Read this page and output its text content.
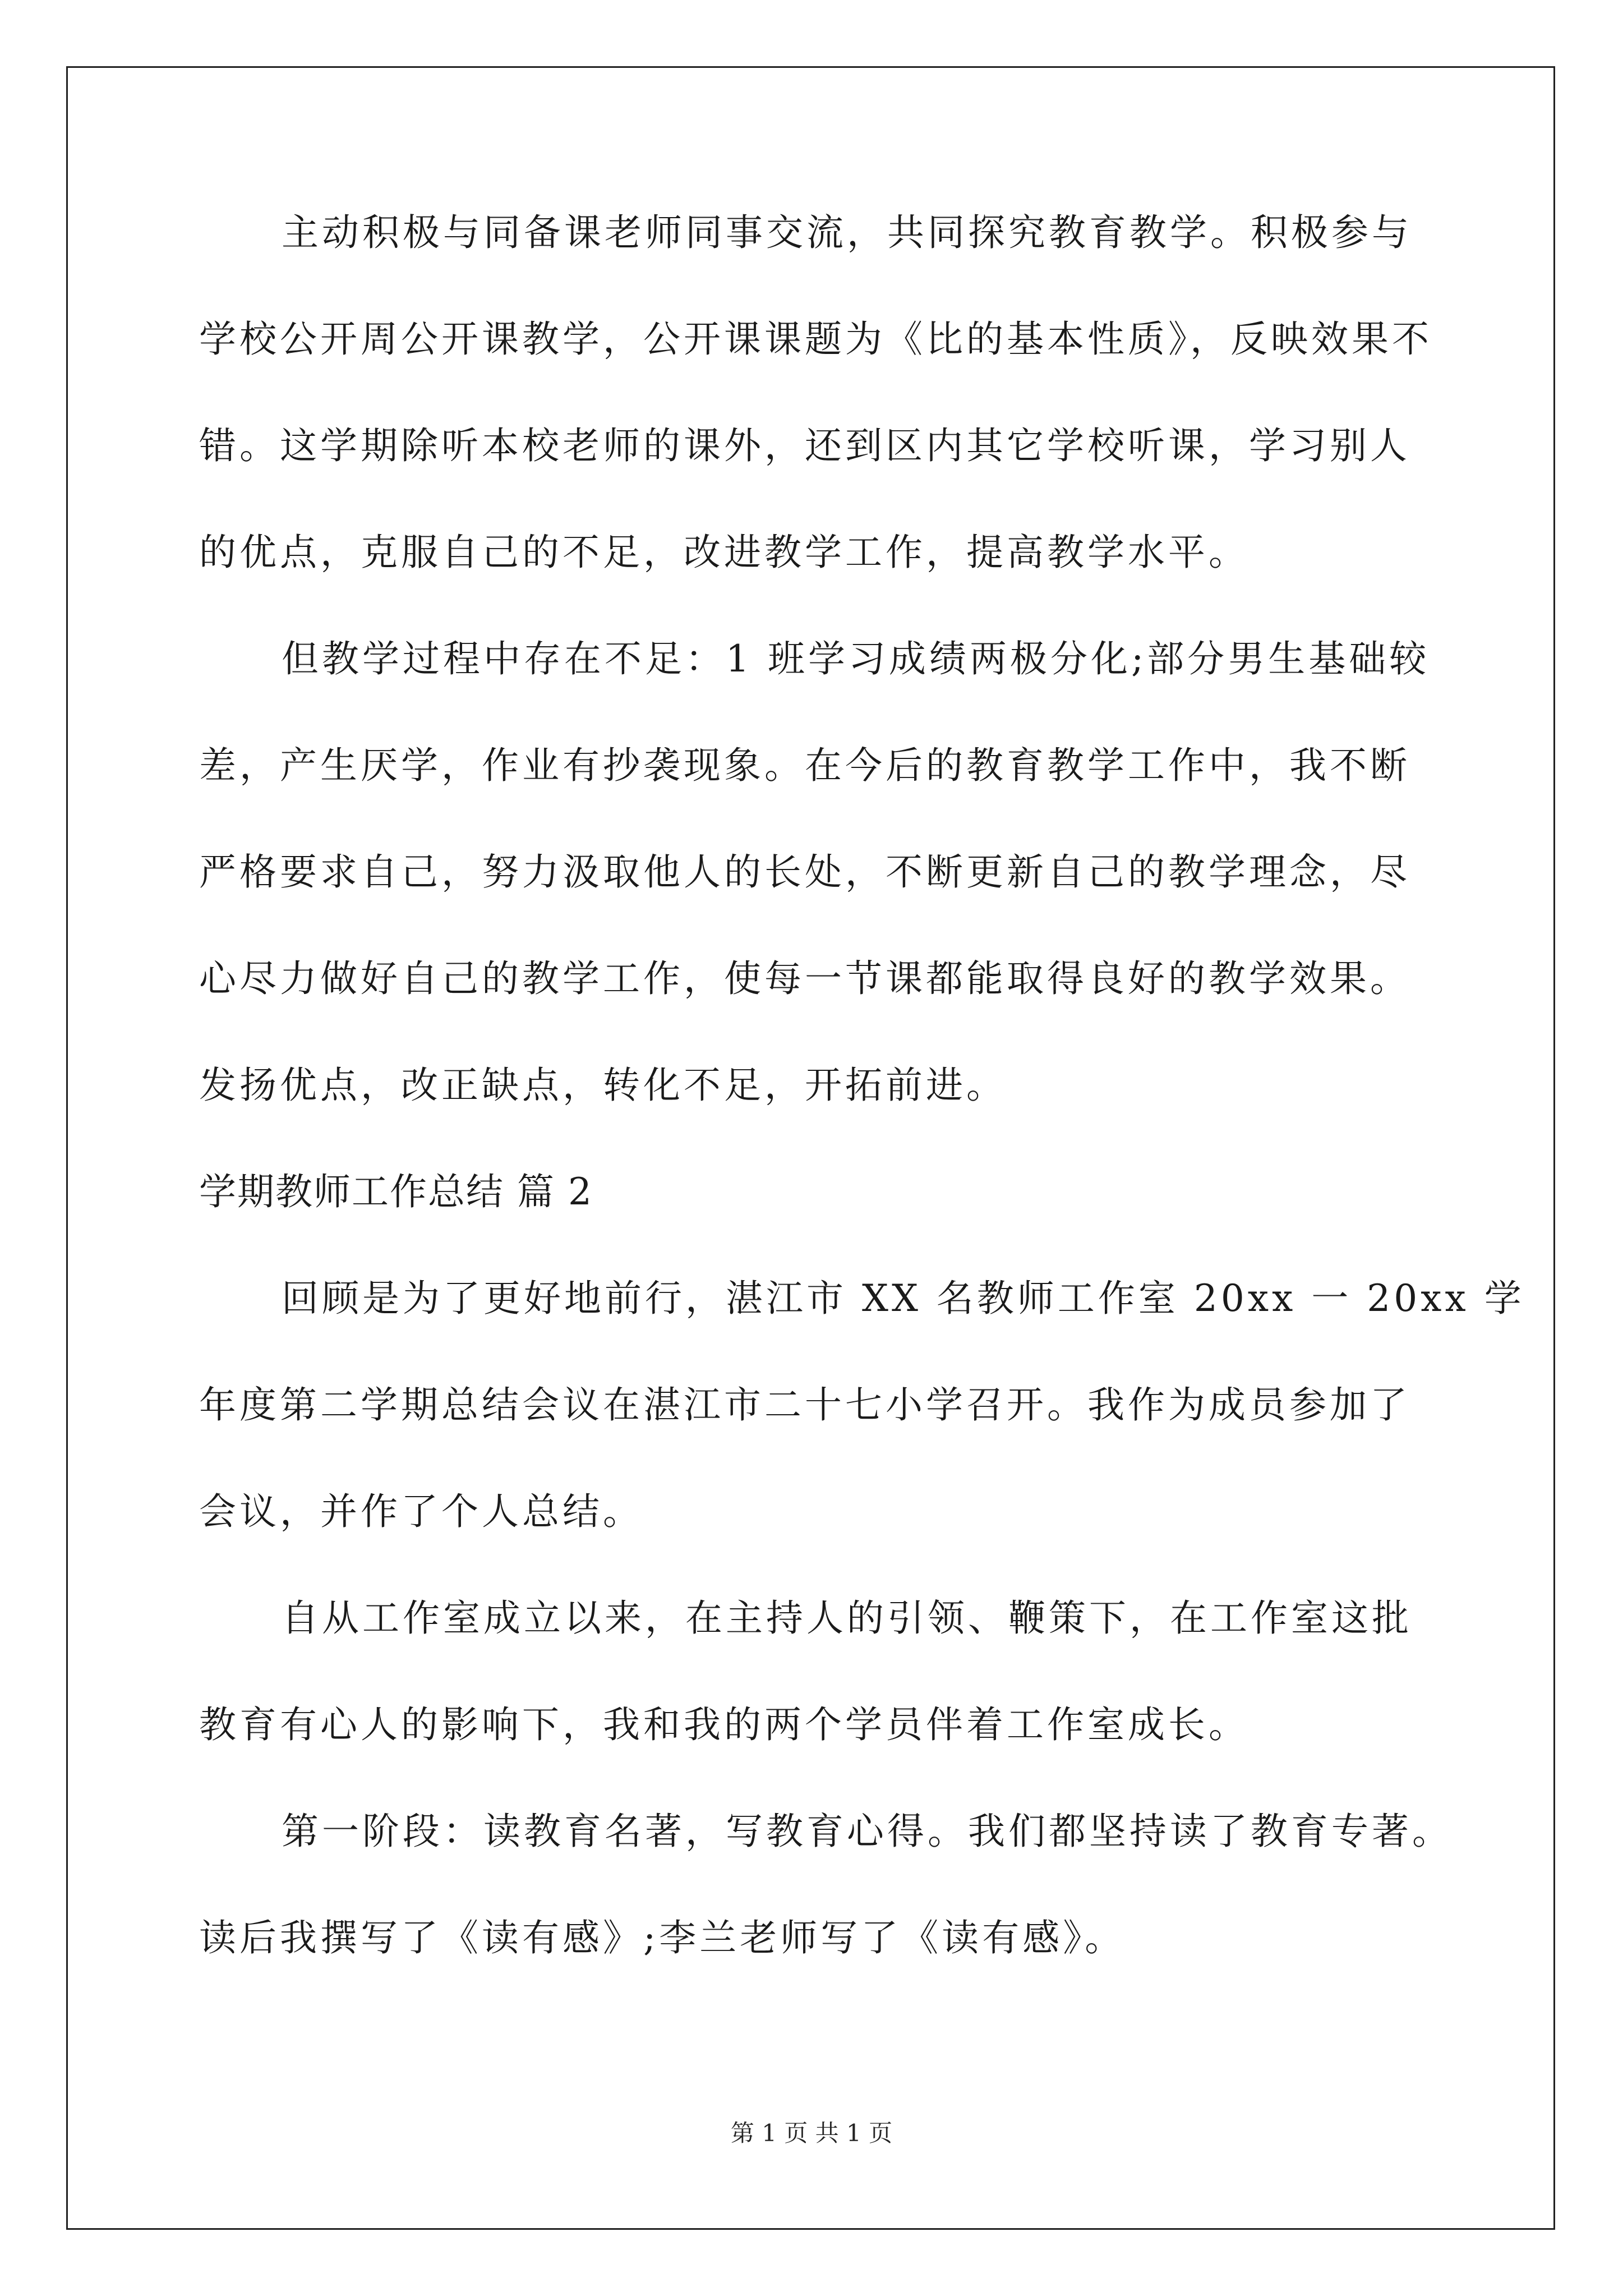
主动积极与同备课老师同事交流，共同探究教育教学。积极参与
学校公开周公开课教学，公开课课题为《比的基本性质》，反映效果不
错。这学期除听本校老师的课外，还到区内其它学校听课，学习别人
的优点，克服自己的不足，改进教学工作，提高教学水平。
但教学过程中存在不足：1 班学习成绩两极分化;部分男生基础较
差，产生厌学，作业有抄袭现象。在今后的教育教学工作中，我不断
严格要求自己，努力汲取他人的长处，不断更新自己的教学理念，尽
心尽力做好自己的教学工作，使每一节课都能取得良好的教学效果。
发扬优点，改正缺点，转化不足，开拓前进。
学期教师工作总结 篇 2
回顾是为了更好地前行，湛江市 XX 名教师工作室 20xx 一 20xx 学
年度第二学期总结会议在湛江市二十七小学召开。我作为成员参加了
会议，并作了个人总结。
自从工作室成立以来，在主持人的引领、鞭策下，在工作室这批
教育有心人的影响下，我和我的两个学员伴着工作室成长。
第一阶段：读教育名著，写教育心得。我们都坚持读了教育专著。
读后我撰写了《读有感》;李兰老师写了《读有感》。
第 1 页 共 1 页
